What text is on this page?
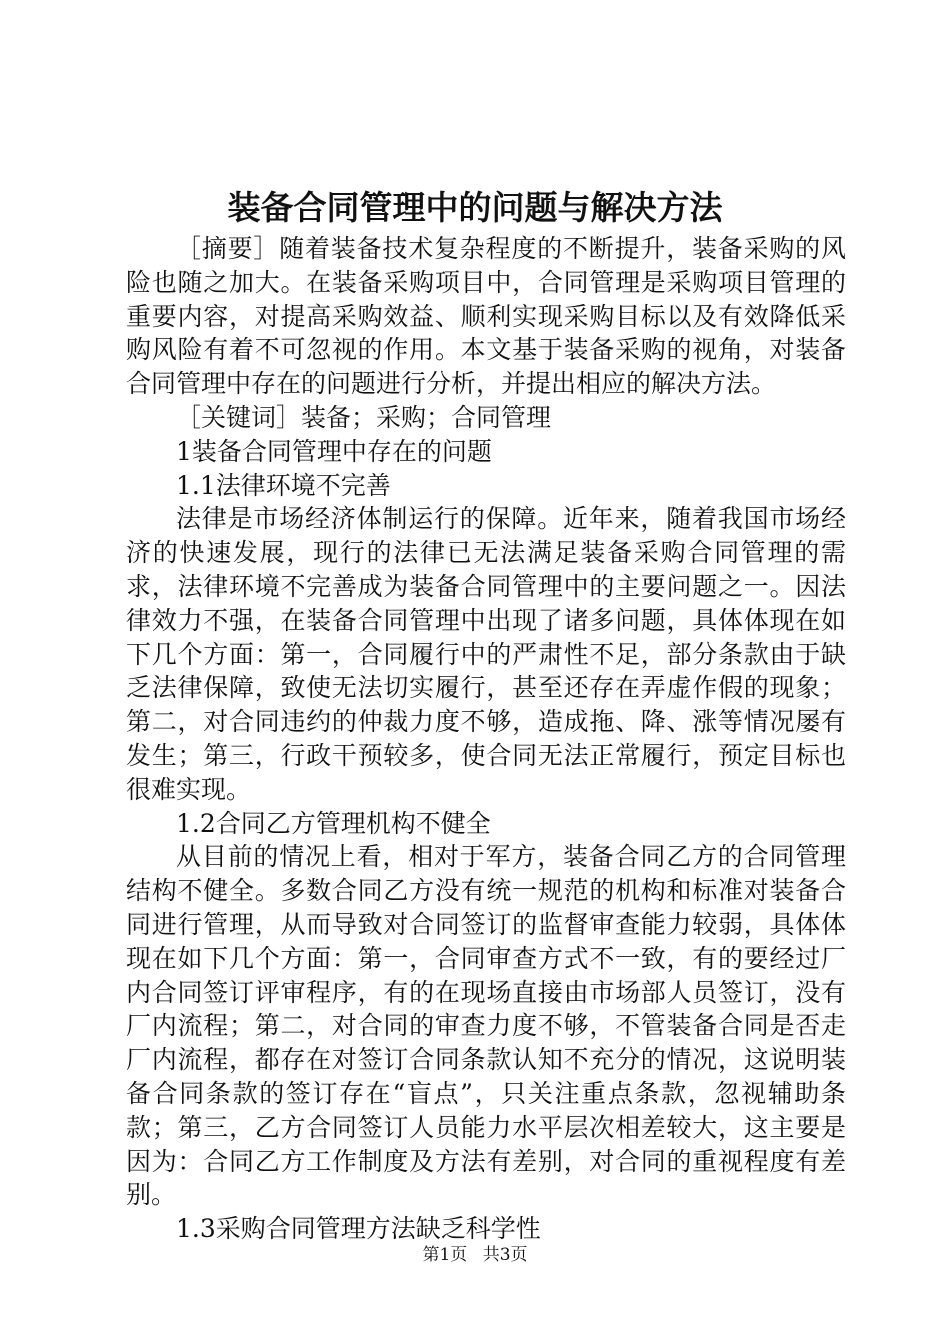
装备合同管理中的问题与解决方法

［摘要］随着装备技术复杂程度的不断提升，装备采购的风险也随之加大。在装备采购项目中，合同管理是采购项目管理的重要内容，对提高采购效益、顺利实现采购目标以及有效降低采购风险有着不可忽视的作用。本文基于装备采购的视角，对装备合同管理中存在的问题进行分析，并提出相应的解决方法。

［关键词］装备；采购；合同管理

1装备合同管理中存在的问题

1.1法律环境不完善

法律是市场经济体制运行的保障。近年来，随着我国市场经济的快速发展，现行的法律已无法满足装备采购合同管理的需求，法律环境不完善成为装备合同管理中的主要问题之一。因法律效力不强，在装备合同管理中出现了诸多问题，具体体现在如下几个方面：第一，合同履行中的严肃性不足，部分条款由于缺乏法律保障，致使无法切实履行，甚至还存在弄虚作假的现象；第二，对合同违约的仲裁力度不够，造成拖、降、涨等情况屡有发生；第三，行政干预较多，使合同无法正常履行，预定目标也很难实现。

1.2合同乙方管理机构不健全

从目前的情况上看，相对于军方，装备合同乙方的合同管理结构不健全。多数合同乙方没有统一规范的机构和标准对装备合同进行管理，从而导致对合同签订的监督审查能力较弱，具体体现在如下几个方面：第一，合同审查方式不一致，有的要经过厂内合同签订评审程序，有的在现场直接由市场部人员签订，没有厂内流程；第二，对合同的审查力度不够，不管装备合同是否走厂内流程，都存在对签订合同条款认知不充分的情况，这说明装备合同条款的签订存在“盲点”，只关注重点条款，忽视辅助条款；第三，乙方合同签订人员能力水平层次相差较大，这主要是因为：合同乙方工作制度及方法有差别，对合同的重视程度有差别。

1.3采购合同管理方法缺乏科学性

第1页 共3页
